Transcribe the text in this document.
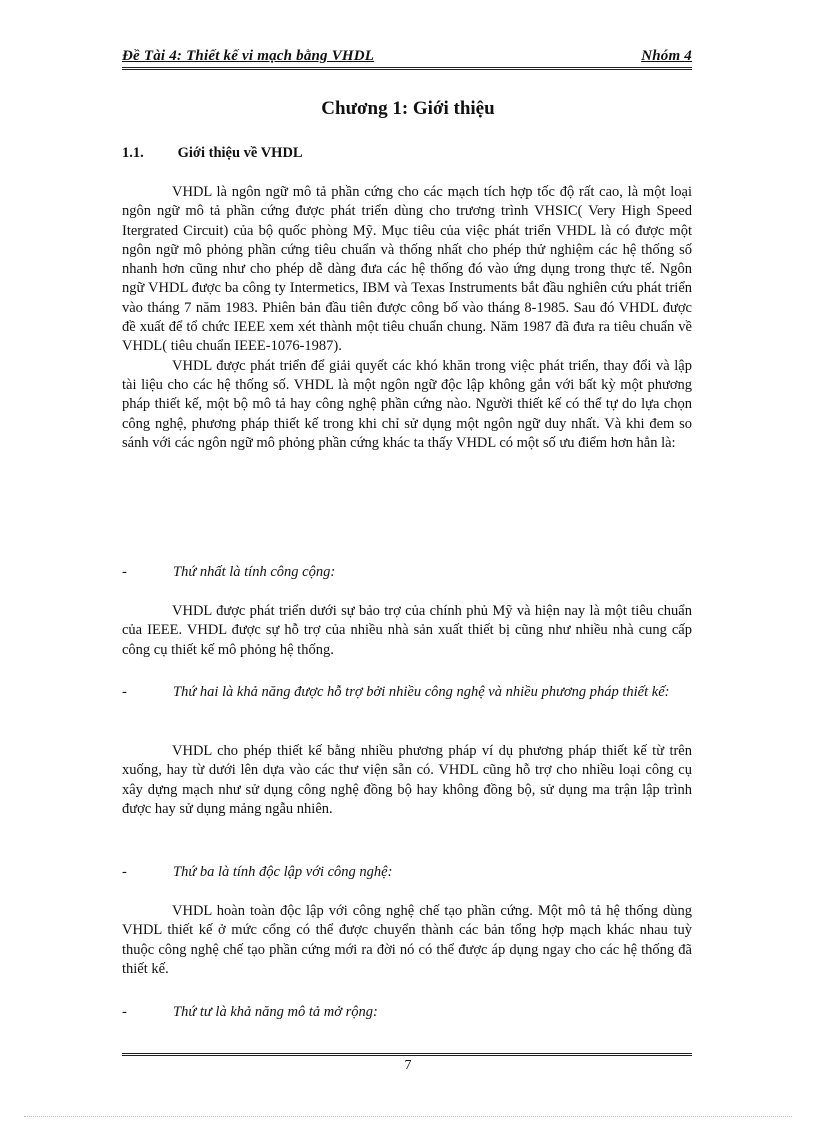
Đề Tài 4: Thiết kế vi mạch bằng VHDL	Nhóm 4
Chương 1: Giới thiệu
1.1. Giới thiệu về VHDL

VHDL là ngôn ngữ mô tả phần cứng cho các mạch tích hợp tốc độ rất cao, là một loại ngôn ngữ mô tả phần cứng được phát triển dùng cho trương trình VHSIC( Very High Speed Itergrated Circuit) của bộ quốc phòng Mỹ. Mục tiêu của việc phát triển VHDL là có được một ngôn ngữ mô phỏng phần cứng tiêu chuẩn và thống nhất cho phép thử nghiệm các hệ thống số nhanh hơn cũng như cho phép dễ dàng đưa các hệ thống đó vào ứng dụng trong thực tế. Ngôn ngữ VHDL được ba công ty Intermetics, IBM và Texas Instruments bắt đầu nghiên cứu phát triển vào tháng 7 năm 1983. Phiên bản đầu tiên được công bố vào tháng 8-1985. Sau đó VHDL được đề xuất để tổ chức IEEE xem xét thành một tiêu chuẩn chung. Năm 1987 đã đưa ra tiêu chuẩn về VHDL( tiêu chuẩn IEEE-1076-1987).

VHDL được phát triển để giải quyết các khó khăn trong việc phát triển, thay đổi và lập tài liệu cho các hệ thống số. VHDL là một ngôn ngữ độc lập không gắn với bất kỳ một phương pháp thiết kế, một bộ mô tả hay công nghệ phần cứng nào. Người thiết kế có thể tự do lựa chọn công nghệ, phương pháp thiết kế trong khi chỉ sử dụng một ngôn ngữ duy nhất. Và khi đem so sánh với các ngôn ngữ mô phỏng phần cứng khác ta thấy VHDL có một số ưu điểm hơn hẳn là:

-	Thứ nhất là tính công cộng:

VHDL được phát triển dưới sự bảo trợ của chính phủ Mỹ và hiện nay là một tiêu chuẩn của IEEE. VHDL được sự hỗ trợ của nhiều nhà sản xuất thiết bị cũng như nhiều nhà cung cấp công cụ thiết kế mô phỏng hệ thống.

-	Thứ hai là khả năng được hỗ trợ bởi nhiều công nghệ và nhiều phương pháp thiết kế:

VHDL cho phép thiết kế bằng nhiều phương pháp ví dụ phương pháp thiết kế từ trên xuống, hay từ dưới lên dựa vào các thư viện sẵn có. VHDL cũng hỗ trợ cho nhiều loại công cụ xây dựng mạch như sử dụng công nghệ đồng bộ hay không đồng bộ, sử dụng ma trận lập trình được hay sử dụng mảng ngẫu nhiên.

-	Thứ ba là tính độc lập với công nghệ:

VHDL hoàn toàn độc lập với công nghệ chế tạo phần cứng. Một mô tả hệ thống dùng VHDL thiết kế ở mức cổng có thể được chuyển thành các bản tổng hợp mạch khác nhau tuỳ thuộc công nghệ chế tạo phần cứng mới ra đời nó có thể được áp dụng ngay cho các hệ thống đã thiết kế.

-	Thứ tư là khả năng mô tả mở rộng:
7
